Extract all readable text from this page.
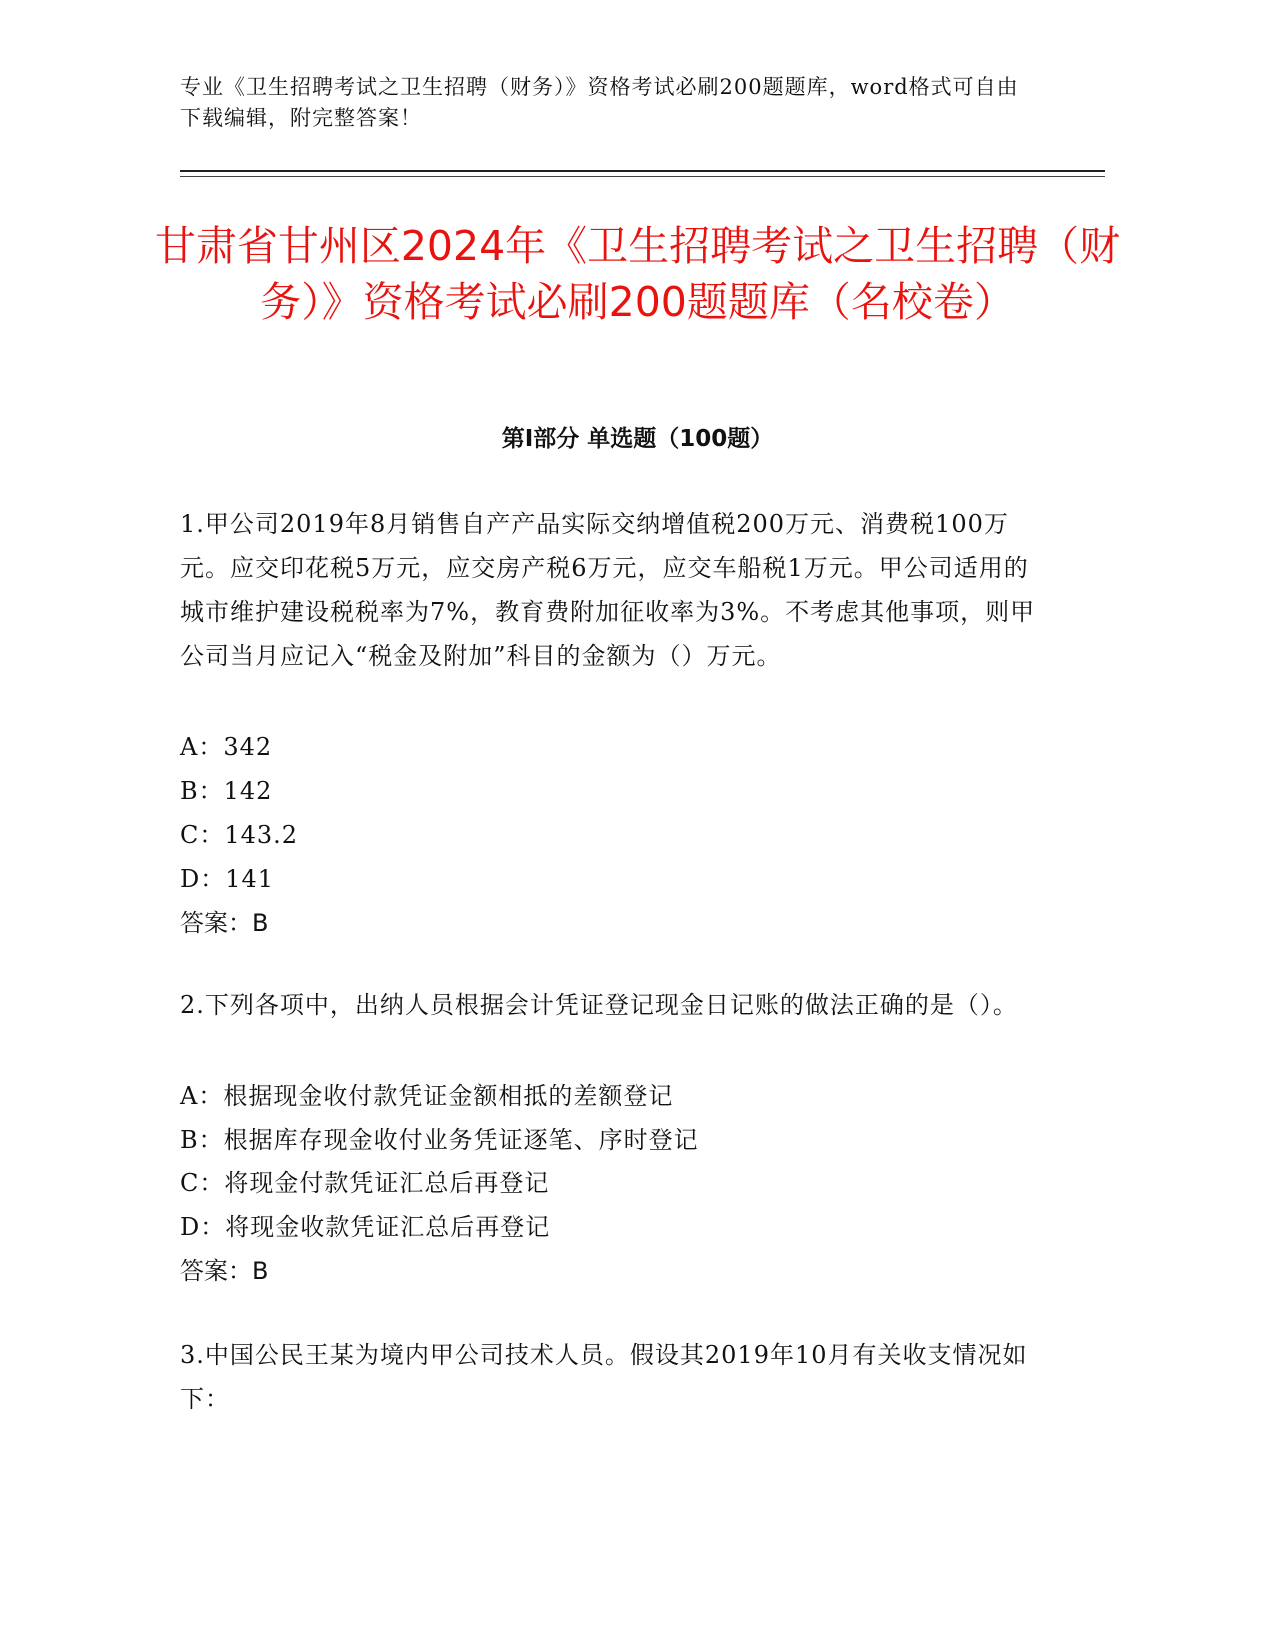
专业《卫生招聘考试之卫生招聘（财务）》资格考试必刷200题题库，word格式可自由下载编辑，附完整答案！
甘肃省甘州区2024年《卫生招聘考试之卫生招聘（财务）》资格考试必刷200题题库（名校卷）
第I部分 单选题（100题）

1.甲公司2019年8月销售自产产品实际交纳增值税200万元、消费税100万元。应交印花税5万元，应交房产税6万元，应交车船税1万元。甲公司适用的城市维护建设税税率为7%，教育费附加征收率为3%。不考虑其他事项，则甲公司当月应记入“税金及附加”科目的金额为（）万元。

A：342
B：142
C：143.2
D：141
答案：B

2.下列各项中，出纳人员根据会计凭证登记现金日记账的做法正确的是（）。

A：根据现金收付款凭证金额相抵的差额登记
B：根据库存现金收付业务凭证逐笔、序时登记
C：将现金付款凭证汇总后再登记
D：将现金收款凭证汇总后再登记
答案：B

3.中国公民王某为境内甲公司技术人员。假设其2019年10月有关收支情况如下：
